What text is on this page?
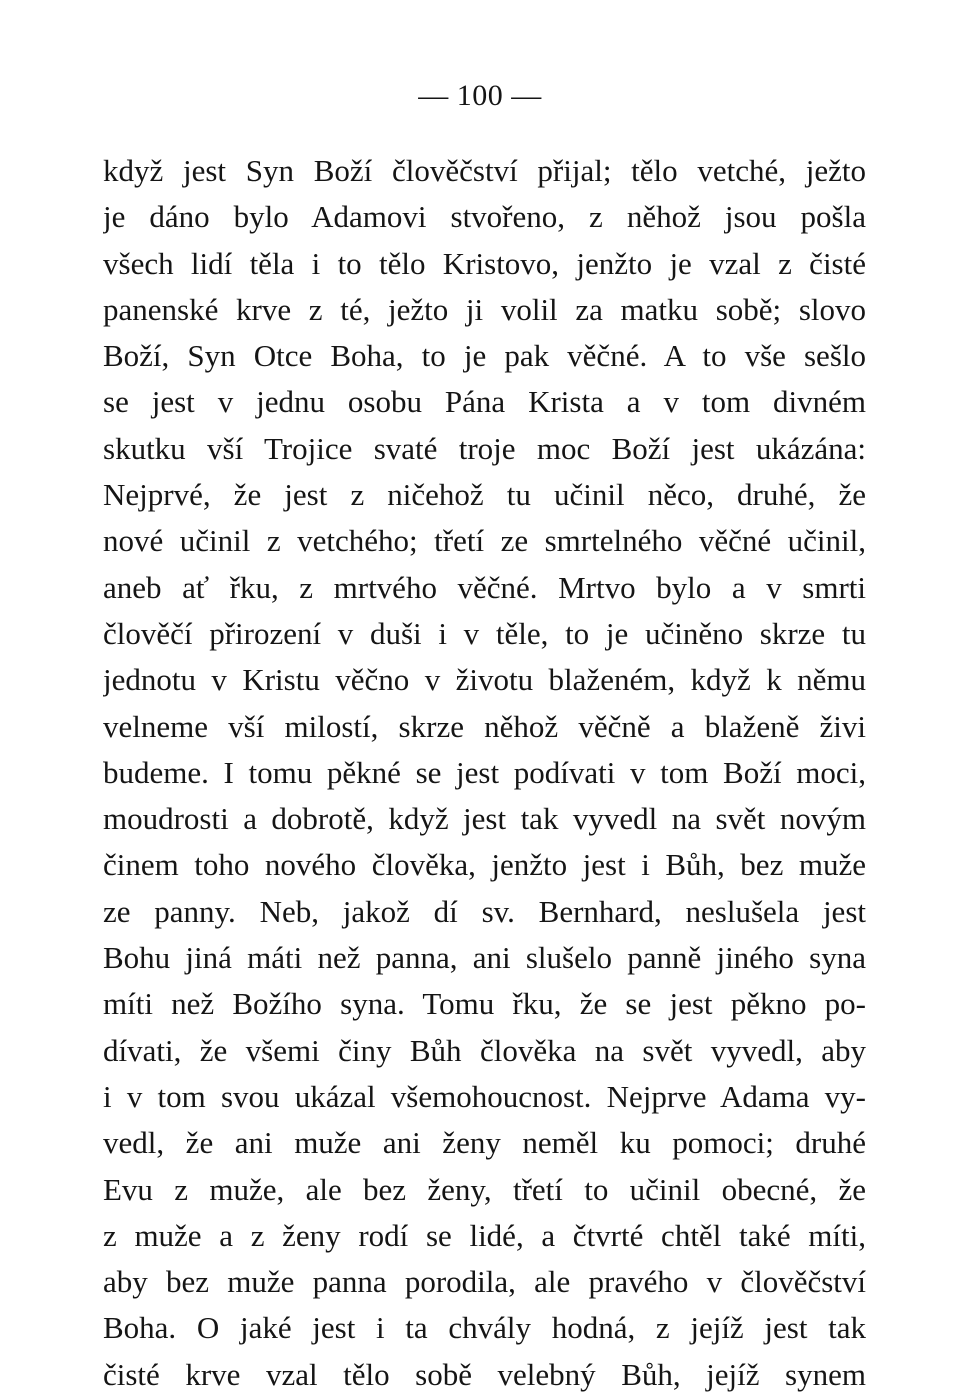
— 100 —
když jest Syn Boží člověčství přijal; tělo vetché, ježto
je dáno bylo Adamovi stvořeno, z něhož jsou pošla
všech lidí těla i to tělo Kristovo, jenžto je vzal z čisté
panenské krve z té, ježto ji volil za matku sobě; slovo
Boží, Syn Otce Boha, to je pak věčné. A to vše sešlo
se jest v jednu osobu Pána Krista a v tom divném
skutku vší Trojice svaté troje moc Boží jest ukázána:
Nejprvé, že jest z ničehož tu učinil něco, druhé, že
nové učinil z vetchého; třetí ze smrtelného věčné učinil,
aneb ať řku, z mrtvého věčné. Mrtvo bylo a v smrti
člověčí přirození v duši i v těle, to je učiněno skrze tu
jednotu v Kristu věčno v životu blaženém, když k němu
velneme vší milostí, skrze něhož věčně a blaženě živi
budeme. I tomu pěkné se jest podívati v tom Boží moci,
moudrosti a dobrotě, když jest tak vyvedl na svět novým
činem toho nového člověka, jenžto jest i Bůh, bez muže
ze panny. Neb, jakož dí sv. Bernhard, neslušela jest
Bohu jiná máti než panna, ani slušelo panně jiného syna
míti než Božího syna. Tomu řku, že se jest pěkno po-
dívati, že všemi činy Bůh člověka na svět vyvedl, aby
i v tom svou ukázal všemohoucnost. Nejprve Adama vy-
vedl, že ani muže ani ženy neměl ku pomoci; druhé
Evu z muže, ale bez ženy, třetí to učinil obecné, že
z muže a z ženy rodí se lidé, a čtvrté chtěl také míti,
aby bez muže panna porodila, ale pravého v člověčství
Boha. O jaké jest i ta chvály hodná, z jejíž jest tak
čisté krve vzal tělo sobě velebný Bůh, jejíž synem
